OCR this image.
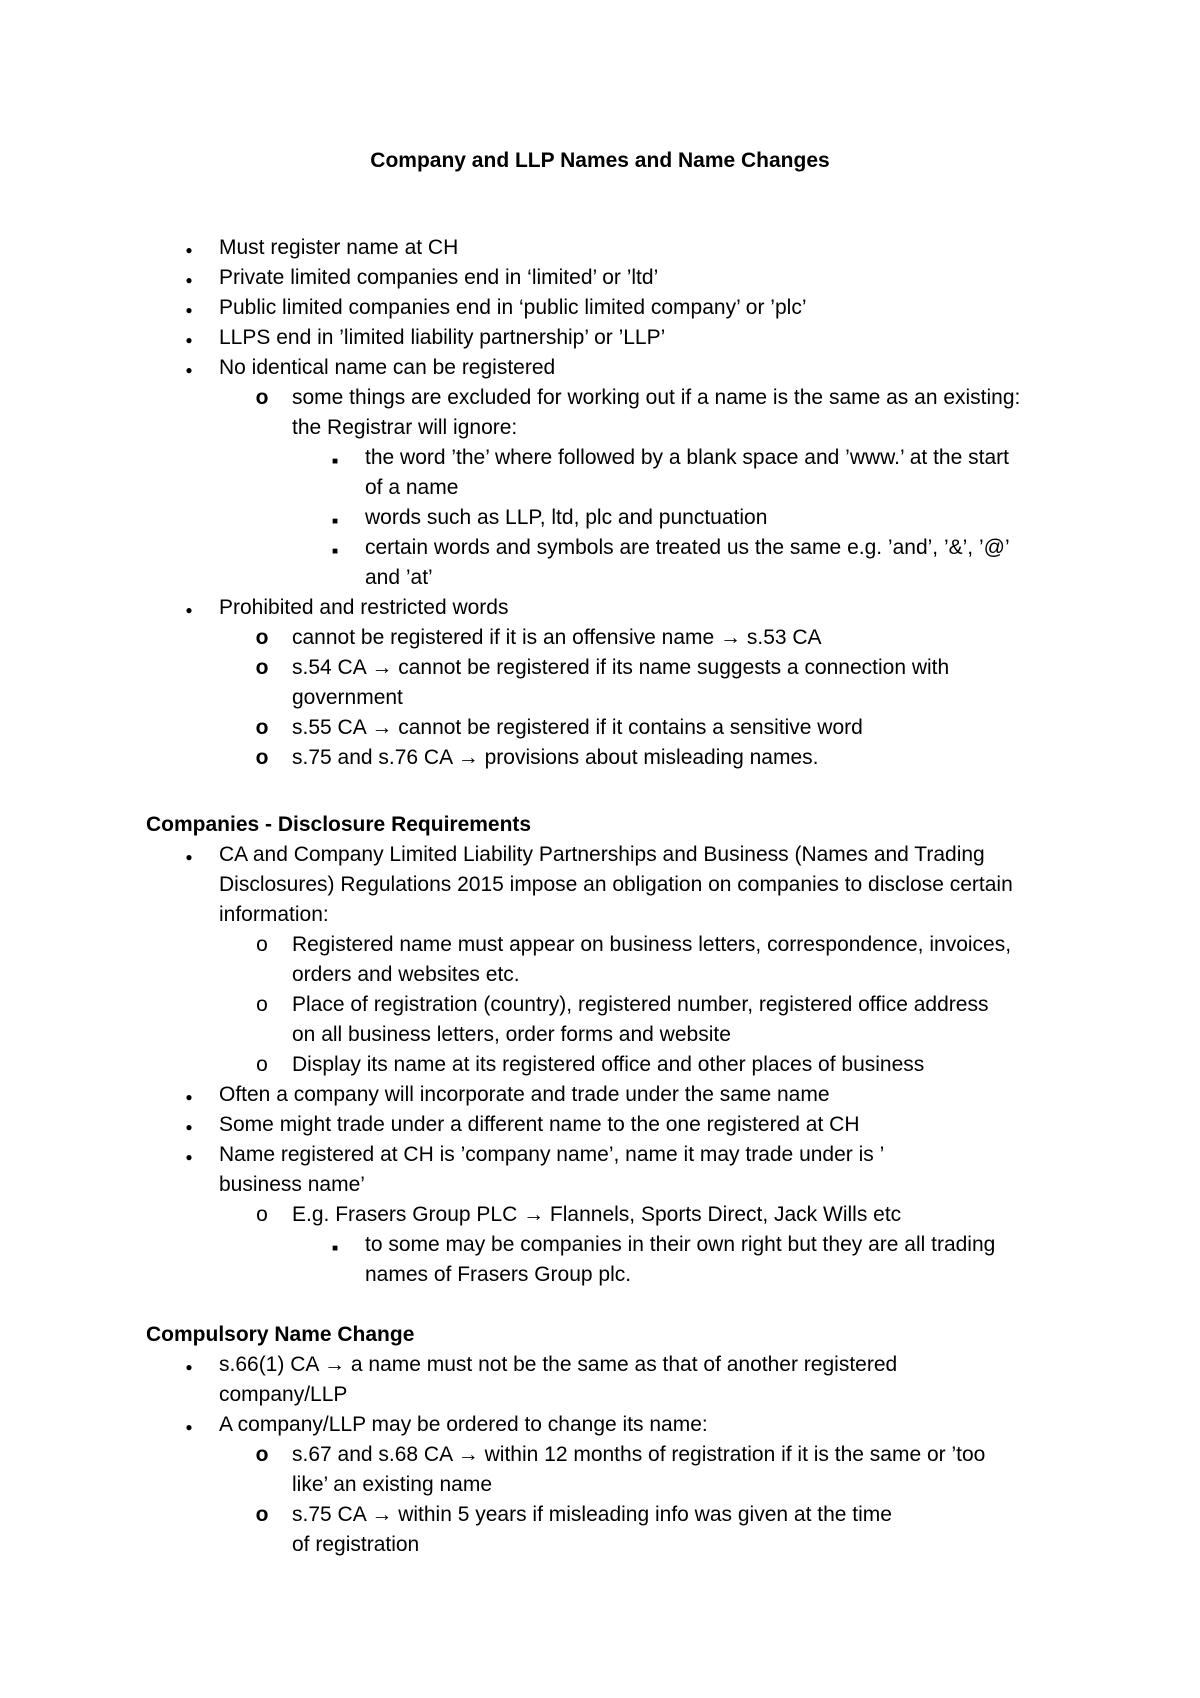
Company and LLP Names and Name Changes
●
Must register name at CH
●
Private limited companies end in ‘limited’ or ’ltd’
●
Public limited companies end in ‘public limited company’ or ’plc’
●
LLPS end in ’limited liability partnership’ or ’LLP’
●
No identical name can be registered
o
some things are excluded for working out if a name is the same as an existing:
the Registrar will ignore:
■
the word ’the’ where followed by a blank space and ’www.’ at the start
of a name
■
words such as LLP, ltd, plc and punctuation
■
certain words and symbols are treated us the same e.g. ’and’, ’&’, ’@’
and ’at’
●
Prohibited and restricted words
o
cannot be registered if it is an offensive name → s.53 CA
o
s.54 CA → cannot be registered if its name suggests a connection with
government
o
s.55 CA → cannot be registered if it contains a sensitive word
o
s.75 and s.76 CA → provisions about misleading names.
Companies - Disclosure Requirements
●
CA and Company Limited Liability Partnerships and Business (Names and Trading
Disclosures) Regulations 2015 impose an obligation on companies to disclose certain
information:
o
Registered name must appear on business letters, correspondence, invoices,
orders and websites etc.
o
Place of registration (country), registered number, registered office address
on all business letters, order forms and website
o
Display its name at its registered office and other places of business
●
Often a company will incorporate and trade under the same name
●
Some might trade under a different name to the one registered at CH
●
Name registered at CH is ’company name’, name it may trade under is ’
business name’
o
E.g. Frasers Group PLC → Flannels, Sports Direct, Jack Wills etc
■
to some may be companies in their own right but they are all trading
names of Frasers Group plc.
Compulsory Name Change
●
s.66(1) CA → a name must not be the same as that of another registered
company/LLP
●
A company/LLP may be ordered to change its name:
o
s.67 and s.68 CA → within 12 months of registration if it is the same or ’too
like’ an existing name
o
s.75 CA → within 5 years if misleading info was given at the time
of registration
